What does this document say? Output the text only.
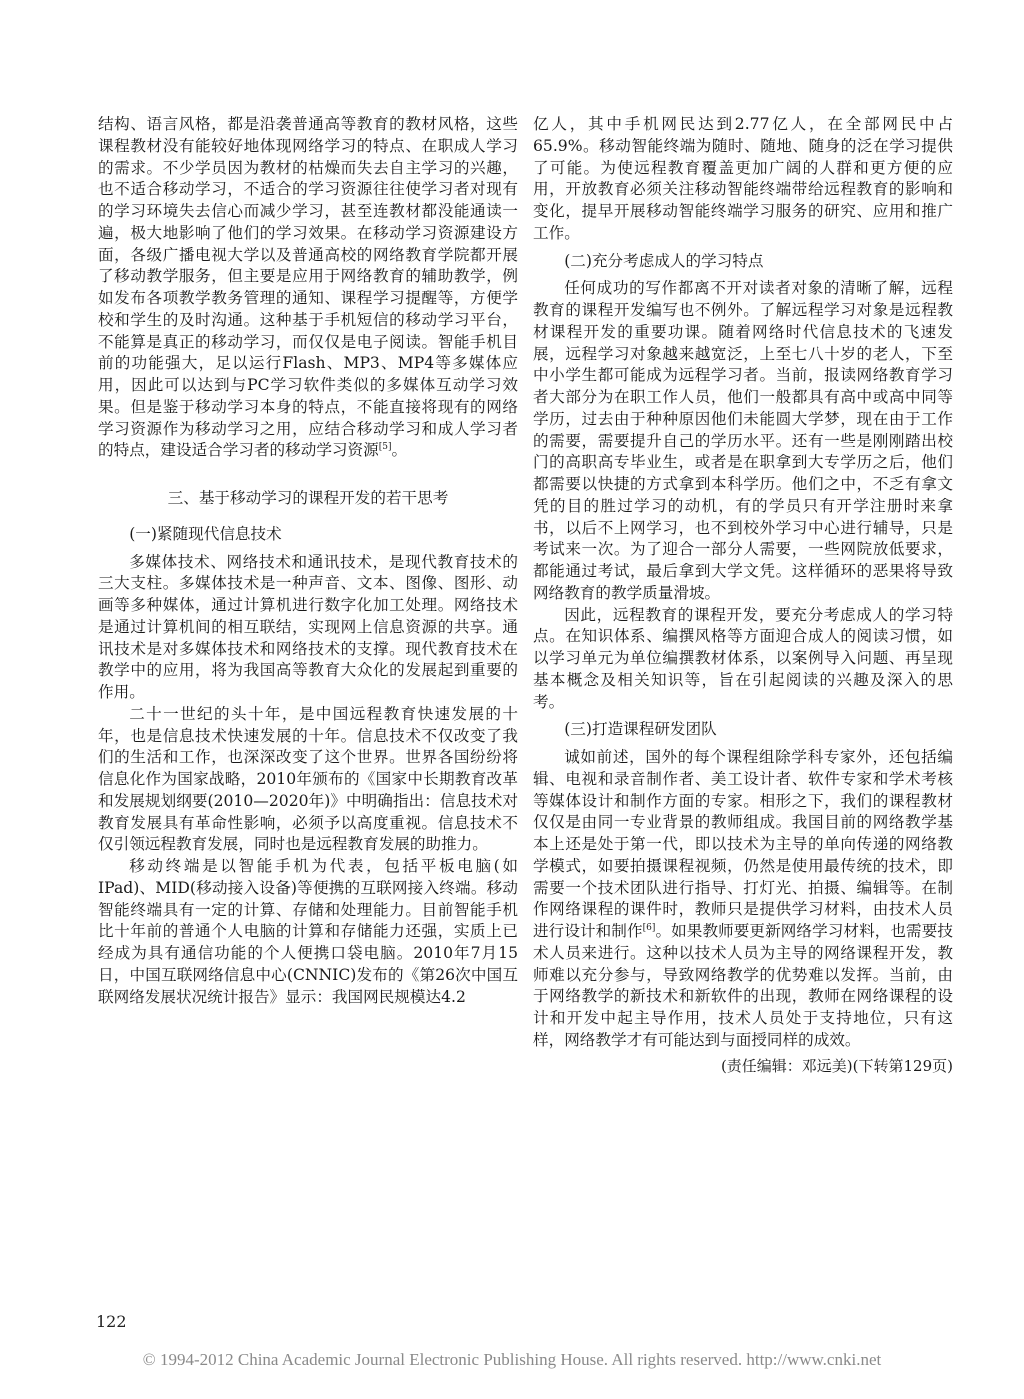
结构、语言风格，都是沿袭普通高等教育的教材风格，这些课程教材没有能较好地体现网络学习的特点、在职成人学习的需求。不少学员因为教材的枯燥而失去自主学习的兴趣，也不适合移动学习，不适合的学习资源往往使学习者对现有的学习环境失去信心而减少学习，甚至连教材都没能通读一遍，极大地影响了他们的学习效果。在移动学习资源建设方面，各级广播电视大学以及普通高校的网络教育学院都开展了移动教学服务，但主要是应用于网络教育的辅助教学，例如发布各项教学教务管理的通知、课程学习提醒等，方便学校和学生的及时沟通。这种基于手机短信的移动学习平台，不能算是真正的移动学习，而仅仅是电子阅读。智能手机目前的功能强大，足以运行Flash、MP3、MP4等多媒体应用，因此可以达到与PC学习软件类似的多媒体互动学习效果。但是鉴于移动学习本身的特点，不能直接将现有的网络学习资源作为移动学习之用，应结合移动学习和成人学习者的特点，建设适合学习者的移动学习资源[5]。

三、基于移动学习的课程开发的若干思考
(一)紧随现代信息技术

多媒体技术、网络技术和通讯技术，是现代教育技术的三大支柱。多媒体技术是一种声音、文本、图像、图形、动画等多种媒体，通过计算机进行数字化加工处理。网络技术是通过计算机间的相互联结，实现网上信息资源的共享。通讯技术是对多媒体技术和网络技术的支撑。现代教育技术在教学中的应用，将为我国高等教育大众化的发展起到重要的作用。

二十一世纪的头十年，是中国远程教育快速发展的十年，也是信息技术快速发展的十年。信息技术不仅改变了我们的生活和工作，也深深改变了这个世界。世界各国纷纷将信息化作为国家战略，2010年颁布的《国家中长期教育改革和发展规划纲要(2010—2020年)》中明确指出：信息技术对教育发展具有革命性影响，必须予以高度重视。信息技术不仅引领远程教育发展，同时也是远程教育发展的助推力。

移动终端是以智能手机为代表，包括平板电脑(如IPad)、MID(移动接入设备)等便携的互联网接入终端。移动智能终端具有一定的计算、存储和处理能力。目前智能手机比十年前的普通个人电脑的计算和存储能力还强，实质上已经成为具有通信功能的个人便携口袋电脑。2010年7月15日，中国互联网络信息中心(CNNIC)发布的《第26次中国互联网络发展状况统计报告》显示：我国网民规模达4.2

亿人，其中手机网民达到2.77亿人，在全部网民中占65.9%。移动智能终端为随时、随地、随身的泛在学习提供了可能。为使远程教育覆盖更加广阔的人群和更方便的应用，开放教育必须关注移动智能终端带给远程教育的影响和变化，提早开展移动智能终端学习服务的研究、应用和推广工作。

(二)充分考虑成人的学习特点

任何成功的写作都离不开对读者对象的清晰了解，远程教育的课程开发编写也不例外。了解远程学习对象是远程教材课程开发的重要功课。随着网络时代信息技术的飞速发展，远程学习对象越来越宽泛，上至七八十岁的老人，下至中小学生都可能成为远程学习者。当前，报读网络教育学习者大部分为在职工作人员，他们一般都具有高中或高中同等学历，过去由于种种原因他们未能圆大学梦，现在由于工作的需要，需要提升自己的学历水平。还有一些是刚刚踏出校门的高职高专毕业生，或者是在职拿到大专学历之后，他们都需要以快捷的方式拿到本科学历。他们之中，不乏有拿文凭的目的胜过学习的动机，有的学员只有开学注册时来拿书，以后不上网学习，也不到校外学习中心进行辅导，只是考试来一次。为了迎合一部分人需要，一些网院放低要求，都能通过考试，最后拿到大学文凭。这样循环的恶果将导致网络教育的教学质量滑坡。

因此，远程教育的课程开发，要充分考虑成人的学习特点。在知识体系、编撰风格等方面迎合成人的阅读习惯，如以学习单元为单位编撰教材体系，以案例导入问题、再呈现基本概念及相关知识等，旨在引起阅读的兴趣及深入的思考。

(三)打造课程研发团队

诚如前述，国外的每个课程组除学科专家外，还包括编辑、电视和录音制作者、美工设计者、软件专家和学术考核等媒体设计和制作方面的专家。相形之下，我们的课程教材仅仅是由同一专业背景的教师组成。我国目前的网络教学基本上还是处于第一代，即以技术为主导的单向传递的网络教学模式，如要拍摄课程视频，仍然是使用最传统的技术，即需要一个技术团队进行指导、打灯光、拍摄、编辑等。在制作网络课程的课件时，教师只是提供学习材料，由技术人员进行设计和制作[6]。如果教师要更新网络学习材料，也需要技术人员来进行。这种以技术人员为主导的网络课程开发，教师难以充分参与，导致网络教学的优势难以发挥。当前，由于网络教学的新技术和新软件的出现，教师在网络课程的设计和开发中起主导作用，技术人员处于支持地位，只有这样，网络教学才有可能达到与面授同样的成效。

(责任编辑：邓远美)(下转第129页)
122
© 1994-2012 China Academic Journal Electronic Publishing House. All rights reserved. http://www.cnki.net
